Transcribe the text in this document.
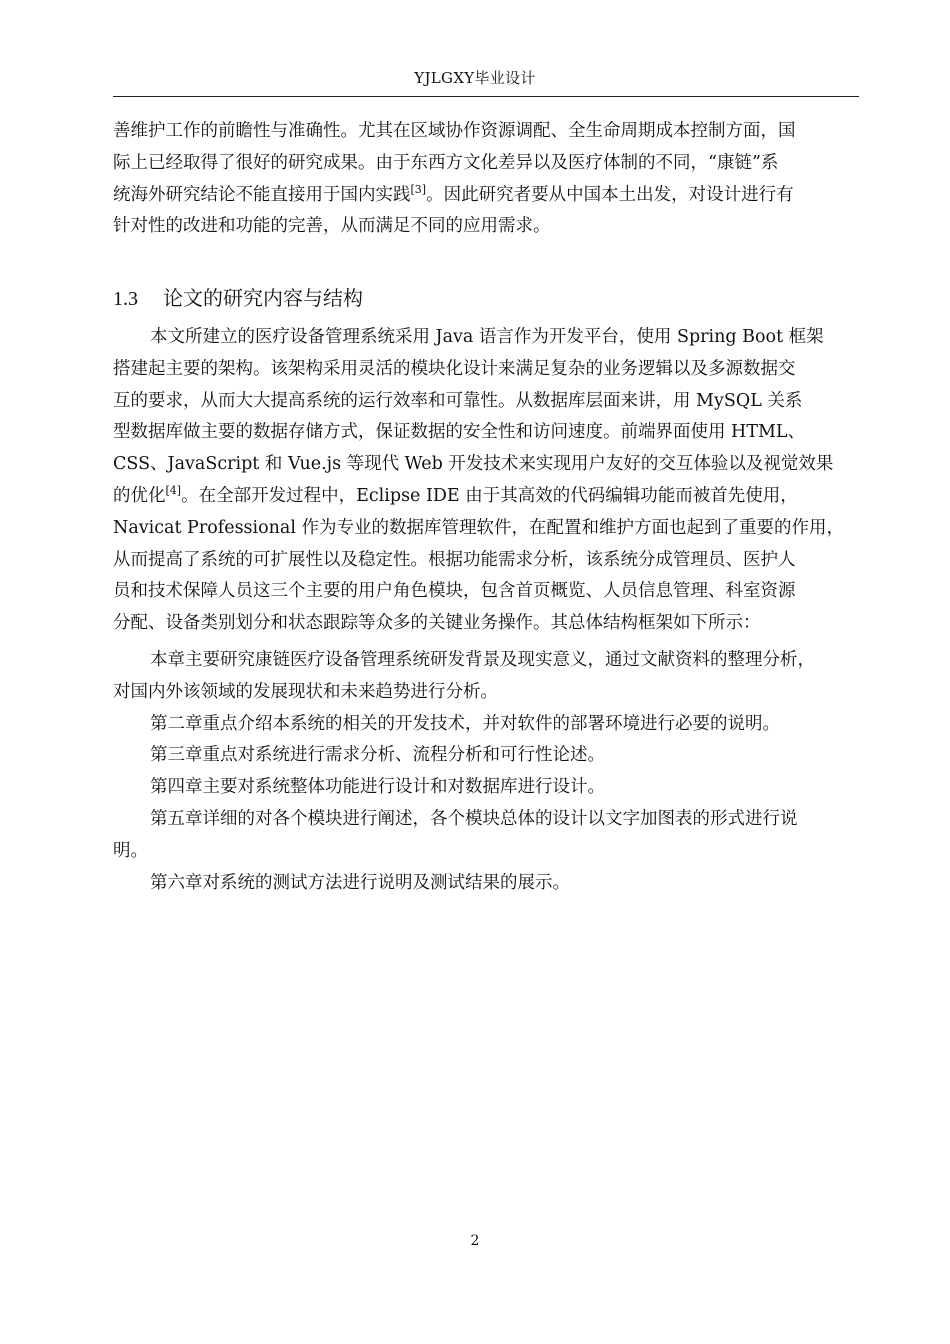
YJLGXY毕业设计
善维护工作的前瞻性与准确性。尤其在区域协作资源调配、全生命周期成本控制方面，国
际上已经取得了很好的研究成果。由于东西方文化差异以及医疗体制的不同，“康链”系
统海外研究结论不能直接用于国内实践[3]。因此研究者要从中国本土出发，对设计进行有
针对性的改进和功能的完善，从而满足不同的应用需求。
1.3 论文的研究内容与结构
本文所建立的医疗设备管理系统采用 Java 语言作为开发平台，使用 Spring Boot 框架
搭建起主要的架构。该架构采用灵活的模块化设计来满足复杂的业务逻辑以及多源数据交
互的要求，从而大大提高系统的运行效率和可靠性。从数据库层面来讲，用 MySQL 关系
型数据库做主要的数据存储方式，保证数据的安全性和访问速度。前端界面使用 HTML、
CSS、JavaScript 和 Vue.js 等现代 Web 开发技术来实现用户友好的交互体验以及视觉效果
的优化[4]。在全部开发过程中，Eclipse IDE 由于其高效的代码编辑功能而被首先使用，
Navicat Professional 作为专业的数据库管理软件，在配置和维护方面也起到了重要的作用，
从而提高了系统的可扩展性以及稳定性。根据功能需求分析，该系统分成管理员、医护人
员和技术保障人员这三个主要的用户角色模块，包含首页概览、人员信息管理、科室资源
分配、设备类别划分和状态跟踪等众多的关键业务操作。其总体结构框架如下所示：
本章主要研究康链医疗设备管理系统研发背景及现实意义，通过文献资料的整理分析，
对国内外该领域的发展现状和未来趋势进行分析。
第二章重点介绍本系统的相关的开发技术，并对软件的部署环境进行必要的说明。
第三章重点对系统进行需求分析、流程分析和可行性论述。
第四章主要对系统整体功能进行设计和对数据库进行设计。
第五章详细的对各个模块进行阐述，各个模块总体的设计以文字加图表的形式进行说
明。
第六章对系统的测试方法进行说明及测试结果的展示。
2
